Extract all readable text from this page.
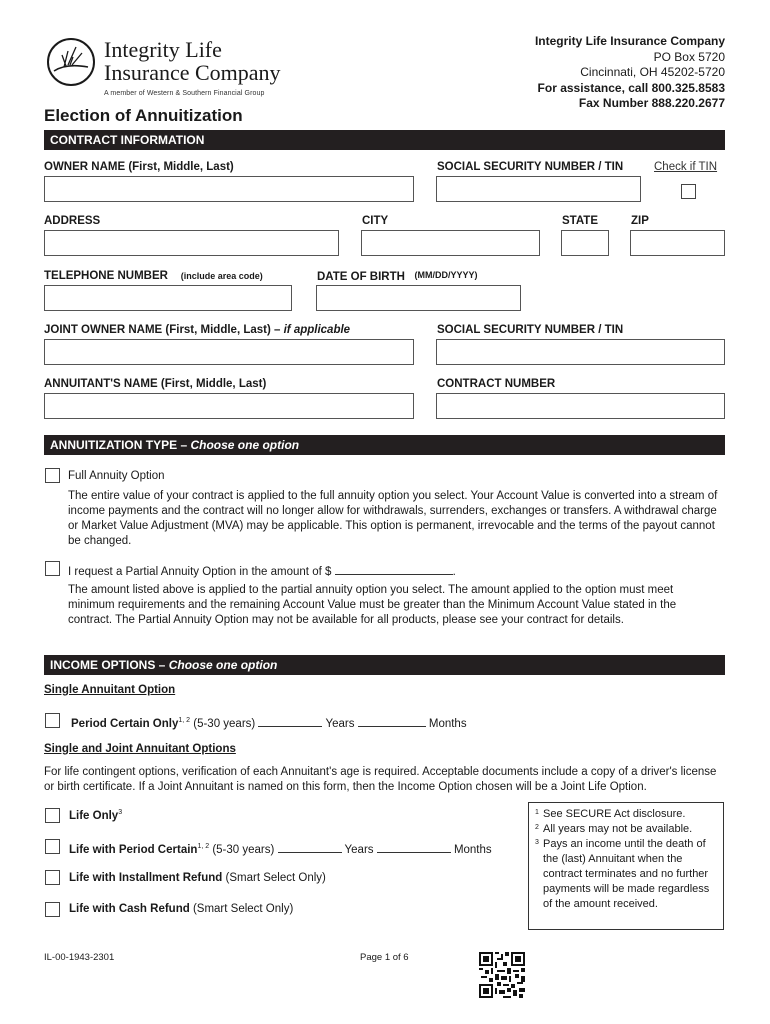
Integrity Life
Insurance Company
A member of Western & Southern Financial Group
Integrity Life Insurance Company
PO Box 5720
Cincinnati, OH 45202-5720
For assistance, call 800.325.8583
Fax Number 888.220.2677
Election of Annuitization
CONTRACT INFORMATION
OWNER NAME (First, Middle, Last)	SOCIAL SECURITY NUMBER / TIN	Check if TIN
ADDRESS	CITY	STATE	ZIP
TELEPHONE NUMBER (include area code)	DATE OF BIRTH (MM/DD/YYYY)
JOINT OWNER NAME (First, Middle, Last) – if applicable	SOCIAL SECURITY NUMBER / TIN
ANNUITANT'S NAME (First, Middle, Last)	CONTRACT NUMBER
ANNUITIZATION TYPE – Choose one option
Full Annuity Option
The entire value of your contract is applied to the full annuity option you select. Your Account Value is converted into a stream of income payments and the contract will no longer allow for withdrawals, surrenders, exchanges or transfers. A withdrawal charge or Market Value Adjustment (MVA) may be applicable. This option is permanent, irrevocable and the terms of the payout cannot be changed.
I request a Partial Annuity Option in the amount of $	.
The amount listed above is applied to the partial annuity option you select. The amount applied to the option must meet minimum requirements and the remaining Account Value must be greater than the Minimum Account Value stated in the contract. The Partial Annuity Option may not be available for all products, please see your contract for details.
INCOME OPTIONS – Choose one option
Single Annuitant Option
Period Certain Only$^{1, 2}$ (5-30 years)	Years	Months
Single and Joint Annuitant Options
For life contingent options, verification of each Annuitant's age is required. Acceptable documents include a copy of a driver's license or birth certificate. If a Joint Annuitant is named on this form, then the Income Option chosen will be a Joint Life Option.
Life Only$^3$
Life with Period Certain$^{1, 2}$ (5-30 years)	Years	Months
Life with Installment Refund (Smart Select Only)
Life with Cash Refund (Smart Select Only)
1 See SECURE Act disclosure.
2 All years may not be available.
3 Pays an income until the death of the (last) Annuitant when the contract terminates and no further payments will be made regardless of the amount received.
IL-00-1943-2301	Page 1 of 6
